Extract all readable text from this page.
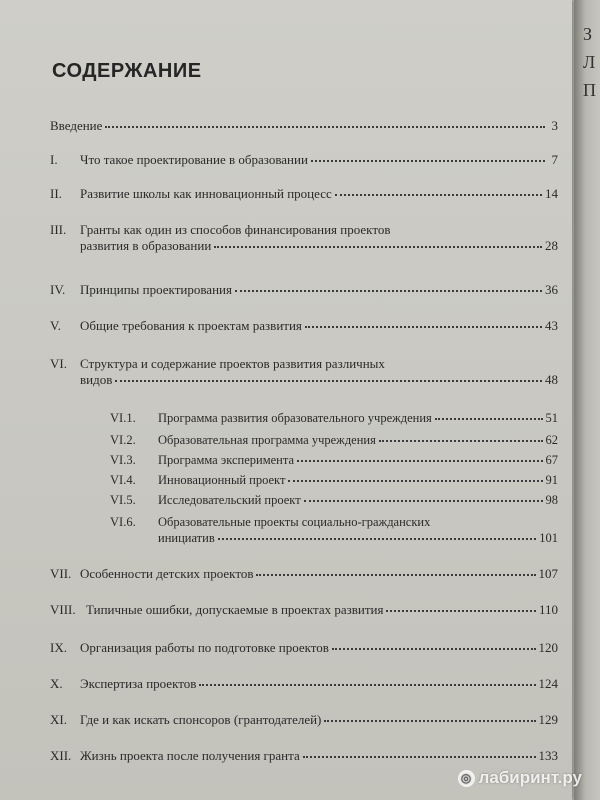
СОДЕРЖАНИЕ
Введение	3
I.	Что такое проектирование в образовании	7
II.	Развитие школы как инновационный процесс	14
III.	Гранты как один из способов финансирования проектов
развития в образовании	28
IV.	Принципы проектирования	36
V.	Общие требования к проектам развития	43
VI.	Структура и содержание проектов развития различных
видов	48
VI.1.	Программа развития образовательного учреждения	51
VI.2.	Образовательная программа учреждения	62
VI.3.	Программа эксперимента	67
VI.4.	Инновационный проект	91
VI.5.	Исследовательский проект	98
VI.6.	Образовательные проекты социально-гражданских
инициатив	101
VII. Особенности детских проектов	107
VIII. Типичные ошибки, допускаемые в проектах развития	110
IX.	Организация работы по подготовке проектов	120
X.	Экспертиза проектов	124
XI.	Где и как искать спонсоров (грантодателей)	129
XII. Жизнь проекта после получения гранта	133
З
Л
П
◎ лабиринт.ру
